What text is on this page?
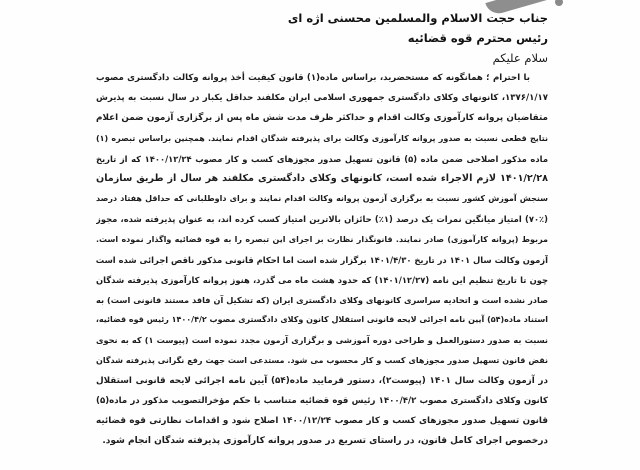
جناب حجت الاسلام والمسلمین محسنی اژه ای

رئیس محترم قوه قضائیه

سلام علیکم

با احترام ؛ همانگونه که مستحضرید، براساس ماده(۱) قانون کیفیت أخذ پروانه وکالت دادگستری مصوب
۱۳۷۶/۱/۱۷، کانونهای وکلای دادگستری جمهوری اسلامی ایران مکلفند حداقل یکبار در سال نسبت به پذیرش
متقاضیان پروانه کارآموزی وکالت اقدام و حداکثر ظرف مدت شش ماه پس از برگزاری آزمون ضمن اعلام
نتایج قطعی نسبت به صدور پروانه کارآموزی وکالت برای پذیرفته شدگان اقدام نمایند. همچنین براساس تبصره (۱)
ماده مذکور اصلاحی ضمن ماده (۵) قانون تسهیل صدور مجوزهای کسب و کار مصوب ۱۴۰۰/۱۲/۲۴ که از تاریخ
۱۴۰۱/۲/۲۸ لازم الاجراء شده است، کانونهای وکلای دادگستری مکلفند هر سال از طریق سازمان
سنجش آموزش کشور نسبت به برگزاری آزمون پروانه وکالت اقدام نمایند و برای داوطلبانی که حداقل هفتاد درصد
(۷۰٪) امتیاز میانگین نمرات یک درصد (۱٪) حائزان بالاترین امتیاز کسب کرده اند، به عنوان پذیرفته شده، مجوز
مربوط (پروانه کارآموزی) صادر نمایند. قانونگذار نظارت بر اجرای این تبصره را به قوه قضائیه واگذار نموده است.
آزمون وکالت سال ۱۴۰۱ در تاریخ ۱۴۰۱/۴/۳۰ برگزار شده است اما احکام قانونی مذکور ناقص اجرائی شده است
چون تا تاریخ تنظیم این نامه (۱۴۰۱/۱۲/۲۷) که حدود هشت ماه می گذرد، هنوز پروانه کارآموزی پذیرفته شدگان
صادر نشده است و اتحادیه سراسری کانونهای وکلای دادگستری ایران (که تشکیل آن فاقد مستند قانونی است) به
استناد ماده(۵۴) آیین نامه اجرائی لایحه قانونی استقلال کانون وکلای دادگستری مصوب ۱۴۰۰/۴/۲ رئیس قوه قضائیه،
نسبت به صدور دستورالعمل و طراحی دوره آموزشی و برگزاری آزمون مجدد نموده است (پیوست ۱) که به نحوی
نقض قانون تسهیل صدور مجوزهای کسب و کار محسوب می شود. مستدعی است جهت رفع نگرانی پذیرفته شدگان
در آزمون وکالت سال ۱۴۰۱ (پیوست۲)، دستور فرمایید ماده(۵۴) آیین نامه اجرائی لایحه قانونی استقلال
کانون وکلای دادگستری مصوب ۱۴۰۰/۴/۲ رئیس قوه قضائیه متناسب با حکم مؤخرالتصویب مذکور در ماده(۵)
قانون تسهیل صدور مجوزهای کسب و کار مصوب ۱۴۰۰/۱۲/۲۴ اصلاح شود و اقدامات نظارتی قوه قضائیه
درخصوص اجرای کامل قانون، در راستای تسریع در صدور پروانه کارآموزی پذیرفته شدگان انجام شود.
